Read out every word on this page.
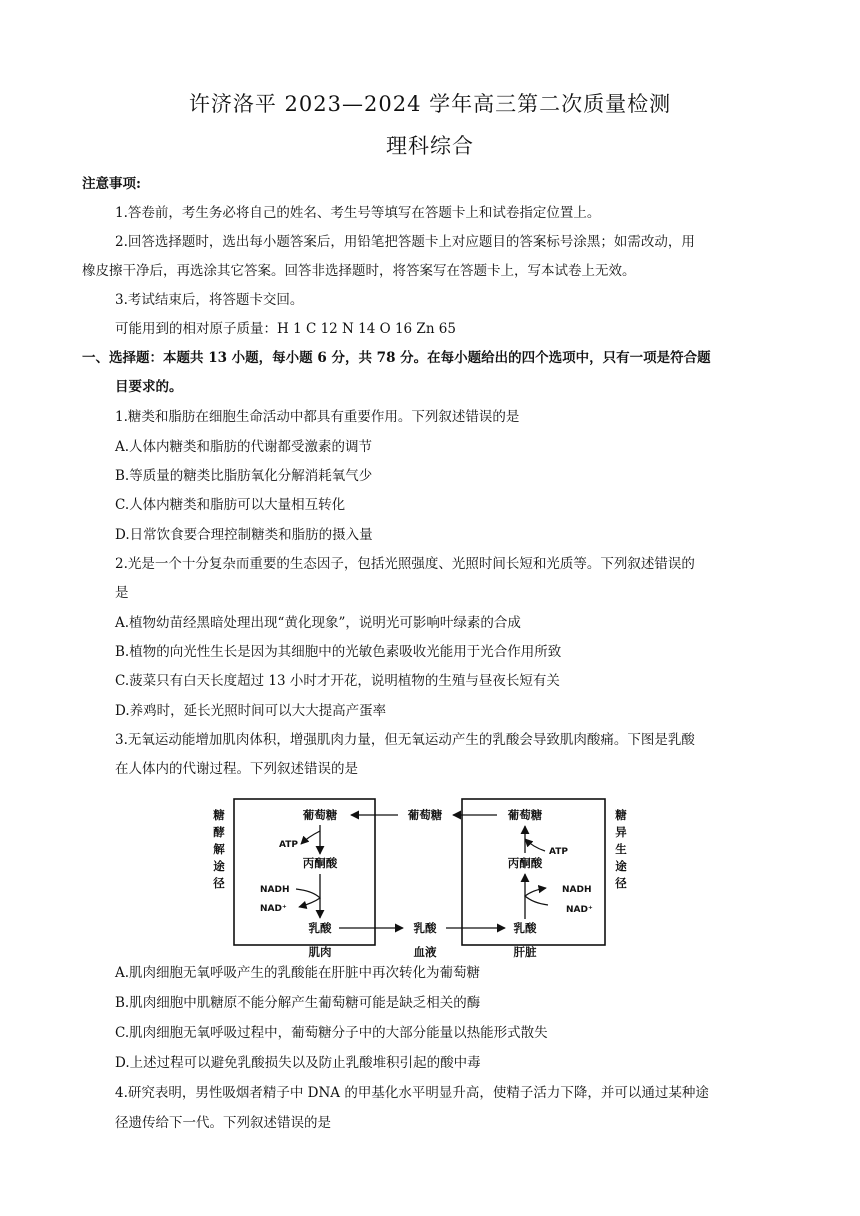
许济洛平 2023—2024 学年高三第二次质量检测
理科综合
注意事项:
1.答卷前，考生务必将自己的姓名、考生号等填写在答题卡上和试卷指定位置上。
2.回答选择题时，选出每小题答案后，用铅笔把答题卡上对应题目的答案标号涂黑；如需改动，用
橡皮擦干净后，再选涂其它答案。回答非选择题时，将答案写在答题卡上，写本试卷上无效。
3.考试结束后，将答题卡交回。
可能用到的相对原子质量：H 1 C 12 N 14 O 16 Zn 65
一、选择题：本题共 13 小题，每小题 6 分，共 78 分。在每小题给出的四个选项中，只有一项是符合题
目要求的。
1.糖类和脂肪在细胞生命活动中都具有重要作用。下列叙述错误的是
A.人体内糖类和脂肪的代谢都受激素的调节
B.等质量的糖类比脂肪氧化分解消耗氧气少
C.人体内糖类和脂肪可以大量相互转化
D.日常饮食要合理控制糖类和脂肪的摄入量
2.光是一个十分复杂而重要的生态因子，包括光照强度、光照时间长短和光质等。下列叙述错误的
是
A.植物幼苗经黑暗处理出现“黄化现象”，说明光可影响叶绿素的合成
B.植物的向光性生长是因为其细胞中的光敏色素吸收光能用于光合作用所致
C.菠菜只有白天长度超过 13 小时才开花，说明植物的生殖与昼夜长短有关
D.养鸡时，延长光照时间可以大大提高产蛋率
3.无氧运动能增加肌肉体积，增强肌肉力量，但无氧运动产生的乳酸会导致肌肉酸痛。下图是乳酸
在人体内的代谢过程。下列叙述错误的是
糖
酵
解
途
径
糖
异
生
途
径
葡萄糖
丙酮酸
乳酸
ATP
NADH
NAD⁺
葡萄糖
丙酮酸
乳酸
ATP
NADH
NAD⁺
葡萄糖
乳酸
肌肉	血液	肝脏
A.肌肉细胞无氧呼吸产生的乳酸能在肝脏中再次转化为葡萄糖
B.肌肉细胞中肌糖原不能分解产生葡萄糖可能是缺乏相关的酶
C.肌肉细胞无氧呼吸过程中，葡萄糖分子中的大部分能量以热能形式散失
D.上述过程可以避免乳酸损失以及防止乳酸堆积引起的酸中毒
4.研究表明，男性吸烟者精子中 DNA 的甲基化水平明显升高，使精子活力下降，并可以通过某种途
径遗传给下一代。下列叙述错误的是
